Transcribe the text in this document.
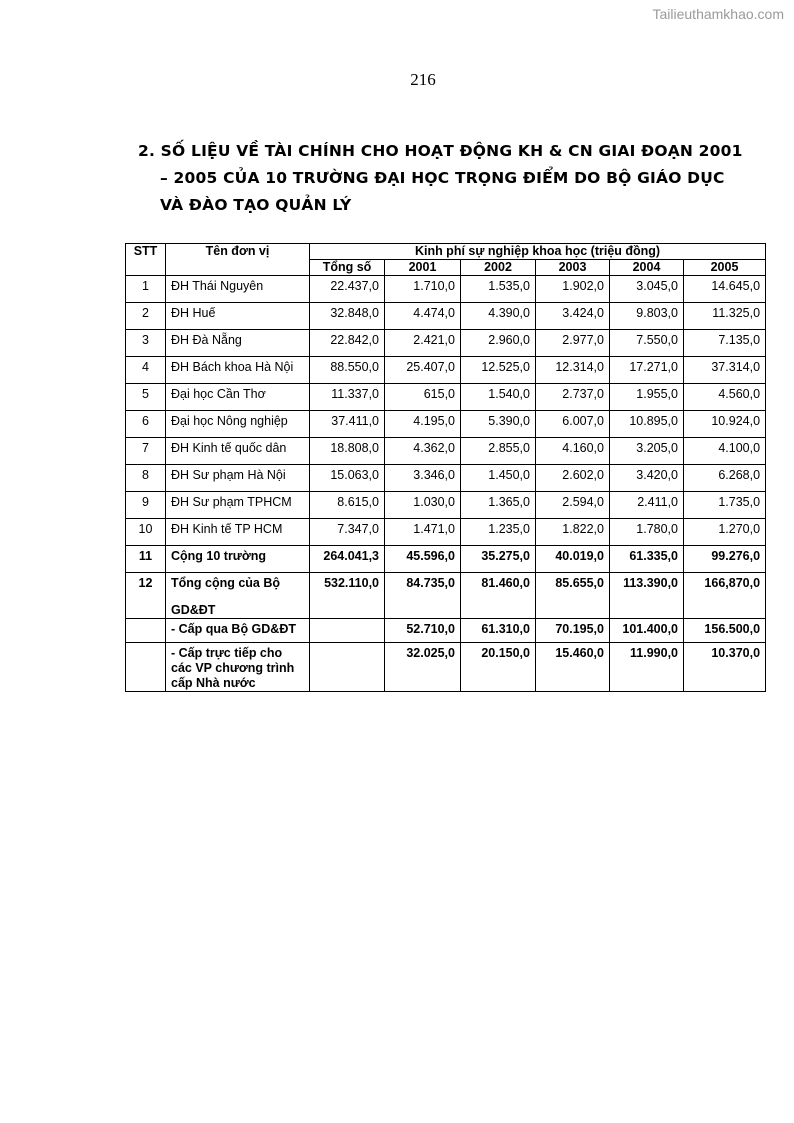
Tailieuthamkhao.com
216
2. SỐ LIỆU VỀ TÀI CHÍNH CHO HOẠT ĐỘNG KH & CN GIAI ĐOẠN 2001
– 2005 CỦA 10 TRƯỜNG ĐẠI HỌC TRỌNG ĐIỂM DO BỘ GIÁO DỤC
VÀ ĐÀO TẠO QUẢN LÝ
STT	Tên đơn vị	Kinh phí sự nghiệp khoa học (triệu đồng)					
		Tổng số	2001	2002	2003	2004	2005
1	ĐH Thái Nguyên	22.437,0	1.710,0	1.535,0	1.902,0	3.045,0	14.645,0
2	ĐH Huế	32.848,0	4.474,0	4.390,0	3.424,0	9.803,0	11.325,0
3	ĐH Đà Nẵng	22.842,0	2.421,0	2.960,0	2.977,0	7.550,0	7.135,0
4	ĐH Bách khoa Hà Nội	88.550,0	25.407,0	12.525,0	12.314,0	17.271,0	37.314,0
5	Đại học Cần Thơ	11.337,0	615,0	1.540,0	2.737,0	1.955,0	4.560,0
6	Đại học Nông nghiệp	37.411,0	4.195,0	5.390,0	6.007,0	10.895,0	10.924,0
7	ĐH Kinh tế quốc dân	18.808,0	4.362,0	2.855,0	4.160,0	3.205,0	4.100,0
8	ĐH Sư phạm Hà Nội	15.063,0	3.346,0	1.450,0	2.602,0	3.420,0	6.268,0
9	ĐH Sư phạm TPHCM	8.615,0	1.030,0	1.365,0	2.594,0	2.411,0	1.735,0
10	ĐH Kinh tế TP HCM	7.347,0	1.471,0	1.235,0	1.822,0	1.780,0	1.270,0
11	Cộng 10 trường	264.041,3	45.596,0	35.275,0	40.019,0	61.335,0	99.276,0
12	Tổng cộng của Bộ
GD&ĐT	532.110,0	84.735,0	81.460,0	85.655,0	113.390,0	166,870,0
	- Cấp qua Bộ GD&ĐT		52.710,0	61.310,0	70.195,0	101.400,0	156.500,0

	- Cấp trực tiếp cho
các VP chương trình
cấp Nhà nước		32.025,0	20.150,0	15.460,0	11.990,0	10.370,0
